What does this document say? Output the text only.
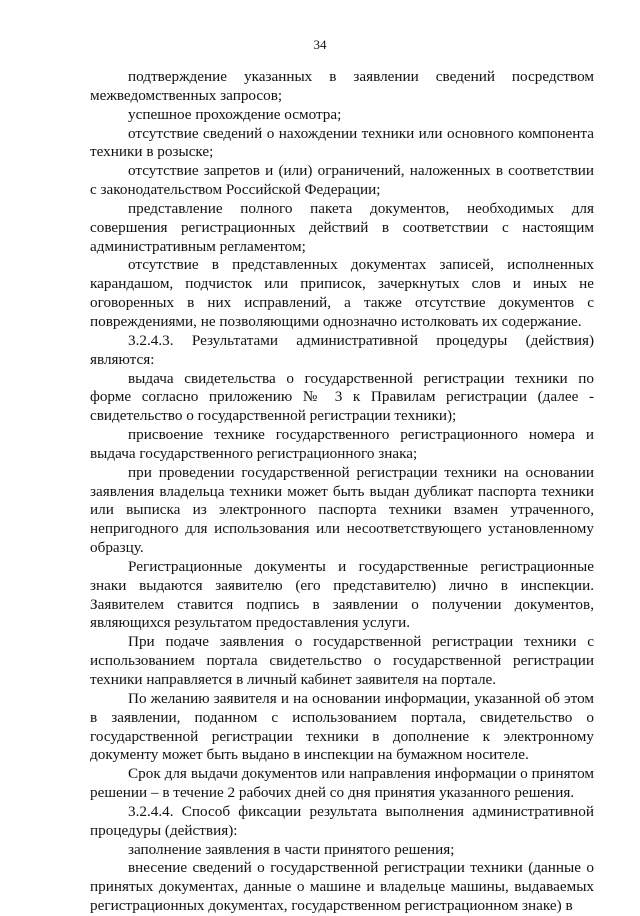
34

подтверждение указанных в заявлении сведений посредством межведомственных запросов;

успешное прохождение осмотра;

отсутствие сведений о нахождении техники или основного компонента техники в розыске;

отсутствие запретов и (или) ограничений, наложенных в соответствии с законодательством Российской Федерации;

представление полного пакета документов, необходимых для совершения регистрационных действий в соответствии с настоящим административным регламентом;

отсутствие в представленных документах записей, исполненных карандашом, подчисток или приписок, зачеркнутых слов и иных не оговоренных в них исправлений, а также отсутствие документов с повреждениями, не позволяющими однозначно истолковать их содержание.

3.2.4.3. Результатами административной процедуры (действия) являются:

выдача свидетельства о государственной регистрации техники по форме согласно приложению № 3 к Правилам регистрации (далее - свидетельство о государственной регистрации техники);

присвоение технике государственного регистрационного номера и выдача государственного регистрационного знака;

при проведении государственной регистрации техники на основании заявления владельца техники может быть выдан дубликат паспорта техники или выписка из электронного паспорта техники взамен утраченного, непригодного для использования или несоответствующего установленному образцу.

Регистрационные документы и государственные регистрационные знаки выдаются заявителю (его представителю) лично в инспекции. Заявителем ставится подпись в заявлении о получении документов, являющихся результатом предоставления услуги.

При подаче заявления о государственной регистрации техники с использованием портала свидетельство о государственной регистрации техники направляется в личный кабинет заявителя на портале.

По желанию заявителя и на основании информации, указанной об этом в заявлении, поданном с использованием портала, свидетельство о государственной регистрации техники в дополнение к электронному документу может быть выдано в инспекции на бумажном носителе.

Срок для выдачи документов или направления информации о принятом решении – в течение 2 рабочих дней со дня принятия указанного решения.

3.2.4.4. Способ фиксации результата выполнения административной процедуры (действия):

заполнение заявления в части принятого решения;

внесение сведений о государственной регистрации техники (данные о принятых документах, данные о машине и владельце машины, выдаваемых регистрационных документах, государственном регистрационном знаке) в
